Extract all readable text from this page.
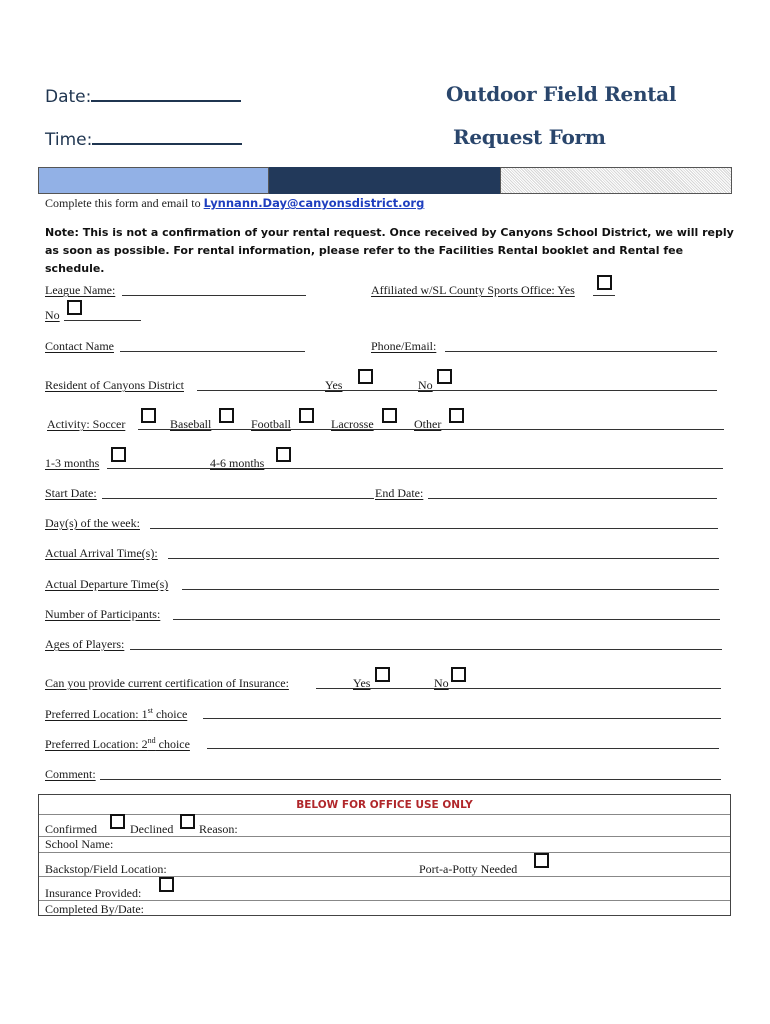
Date:
Time:
Outdoor Field Rental
Request Form
Complete this form and email to Lynnann.Day@canyonsdistrict.org
Note: This is not a confirmation of your rental request. Once received by Canyons School District, we will reply as soon as possible. For rental information, please refer to the Facilities Rental booklet and Rental fee schedule.
League Name:	Affiliated w/SL County Sports Office: Yes
No
Contact Name	Phone/Email:
Resident of Canyons District	Yes	No
Activity: Soccer	Baseball	Football	Lacrosse	Other
1-3 months	4-6 months
Start Date:	End Date:
Day(s) of the week:
Actual Arrival Time(s):
Actual Departure Time(s)
Number of Participants:
Ages of Players:
Can you provide current certification of Insurance:	Yes	No
Preferred Location: 1st choice
Preferred Location: 2nd choice
Comment:
BELOW FOR OFFICE USE ONLY
Confirmed	Declined Reason:
School Name:
Backstop/Field Location:	Port-a-Potty Needed
Insurance Provided:
Completed By/Date:
